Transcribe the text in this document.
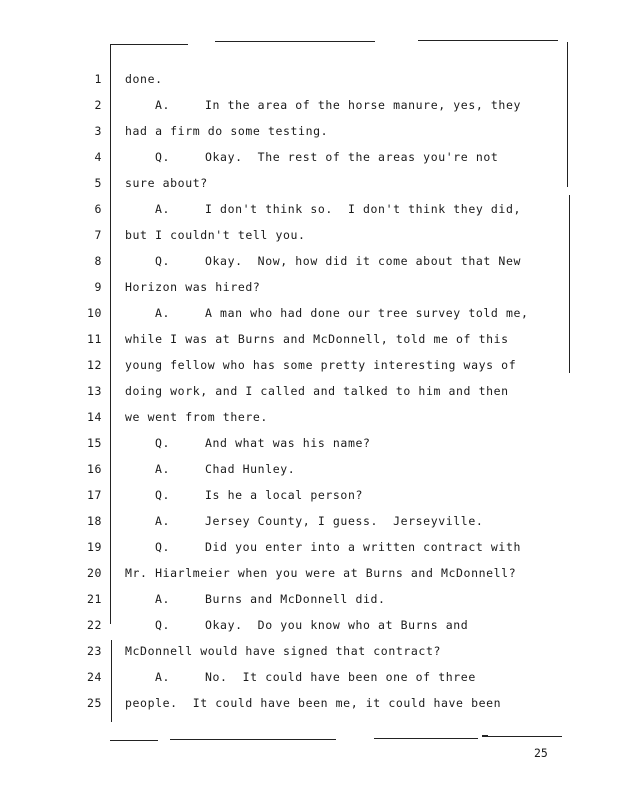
1 done.
2	A.	In the area of the horse manure, yes, they
3 had a firm do some testing.
4	Q.	Okay.  The rest of the areas you're not
5 sure about?
6	A.	I don't think so.  I don't think they did,
7 but I couldn't tell you.
8	Q.	Okay.  Now, how did it come about that New
9 Horizon was hired?
10	A.	A man who had done our tree survey told me,
11 while I was at Burns and McDonnell, told me of this
12 young fellow who has some pretty interesting ways of
13 doing work, and I called and talked to him and then
14 we went from there.
15	Q.	And what was his name?
16	A.	Chad Hunley.
17	Q.	Is he a local person?
18	A.	Jersey County, I guess.  Jerseyville.
19	Q.	Did you enter into a written contract with
20 Mr. Hiarlmeier when you were at Burns and McDonnell?
21	A.	Burns and McDonnell did.
22	Q.	Okay.  Do you know who at Burns and
23 McDonnell would have signed that contract?
24	A.	No.  It could have been one of three
25 people.  It could have been me, it could have been
25
